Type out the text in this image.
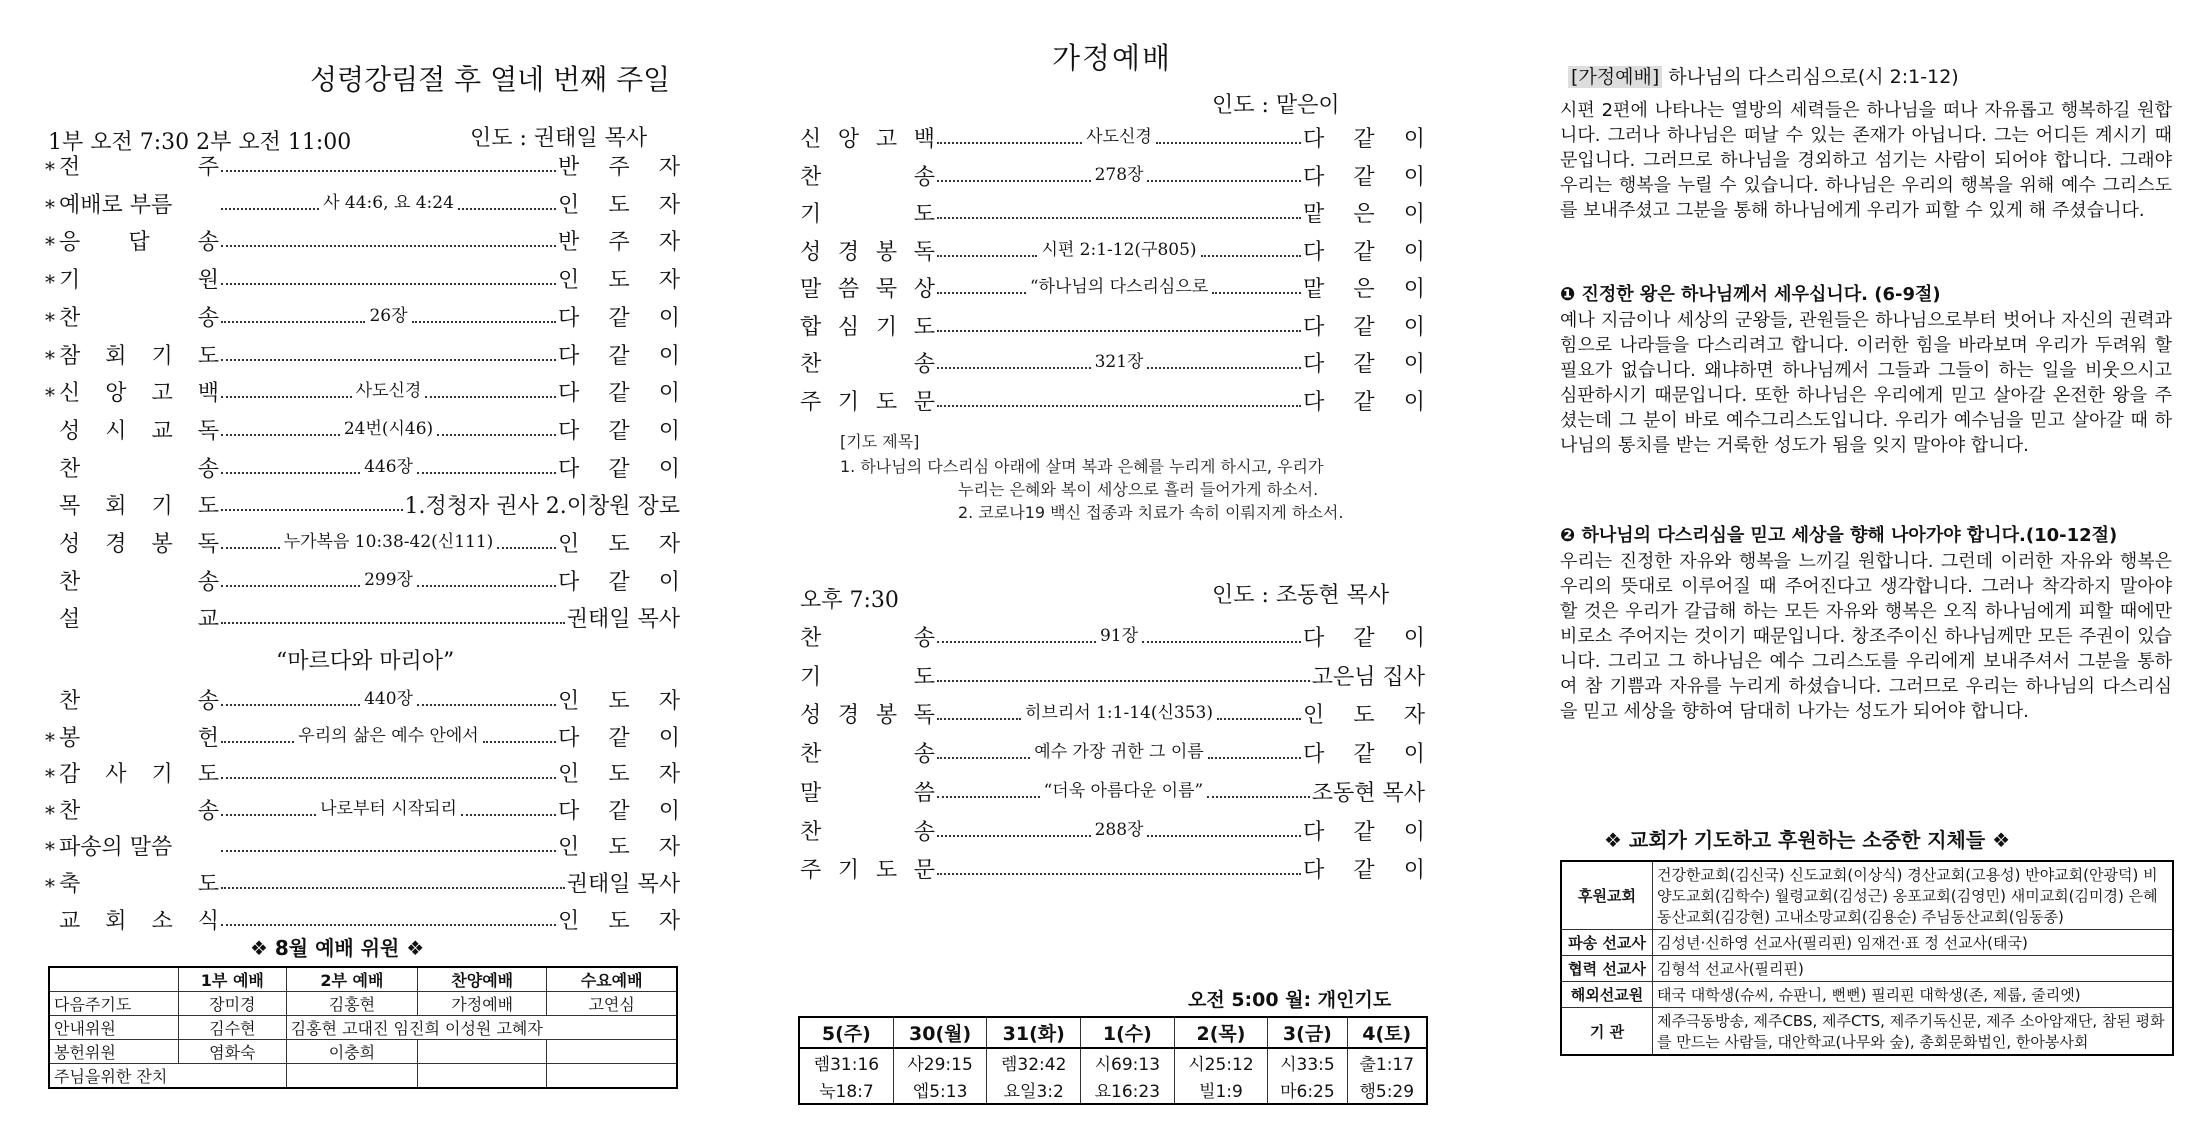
성령강림절 후 열네 번째 주일
1부 오전 7:30 2부 오전 11:00	인도 : 권태일 목사
* 전	주	반 주 자
* 예배로 부름	사 44:6, 요 4:24	인 도 자
* 응 답 송	반 주 자
* 기	원	인 도 자
* 찬	송	26장	다 같 이
* 참 회 기 도	다 같 이
* 신 앙 고 백	사도신경	다 같 이
성 시 교 독	24번(시46)	다 같 이
찬	송	446장	다 같 이
목 회 기 도	1.정청자 권사 2.이창원 장로
성 경 봉 독	누가복음 10:38-42(신111)	인 도 자
찬	송	299장	다 같 이
설	교	권태일 목사
“마르다와 마리아”
찬	송	440장	인 도 자
* 봉	헌	우리의 삶은 예수 안에서	다 같 이
* 감 사 기 도	인 도 자
* 찬	송	나로부터 시작되리	다 같 이
* 파송의 말씀	인 도 자
* 축	도	권태일 목사
교 회 소 식	인 도 자
❖ 8월 예배 위원 ❖
	1부 예배	2부 예배	찬양예배	수요예배
다음주기도	장미경	김홍현	가정예배	고연심
안내위원	김수현	김홍현 고대진 임진희 이성원 고혜자		
봉헌위원	염화숙	이충희		
주님을위한 잔치				
가정예배
인도 : 맡은이
신 앙 고 백	사도신경	다 같 이
찬	송	278장	다 같 이
기	도	맡 은 이
성 경 봉 독	시편 2:1-12(구805)	다 같 이
말 씀 묵 상	“하나님의 다스리심으로	맡 은 이
합 심 기 도	다 같 이
찬	송	321장	다 같 이
주 기 도 문	다 같 이
[기도 제목]
1. 하나님의 다스리심 아래에 살며 복과 은혜를 누리게 하시고, 우리가
누리는 은혜와 복이 세상으로 흘러 들어가게 하소서.
2. 코로나19 백신 접종과 치료가 속히 이뤄지게 하소서.
오후 7:30	인도 : 조동현 목사
찬	송	91장	다 같 이
기	도	고은님 집사
성 경 봉 독	히브리서 1:1-14(신353)	인 도 자
찬	송	예수 가장 귀한 그 이름	다 같 이
말	씀	“더욱 아름다운 이름”	조동현 목사
찬	송	288장	다 같 이
주 기 도 문	다 같 이
오전 5:00 월: 개인기도
5(주)	30(월)	31(화)	1(수)	2(목)	3(금)	4(토)
렘31:16	사29:15	렘32:42	시69:13	시25:12	시33:5	출1:17
눅18:7	엡5:13	요일3:2	요16:23	빌1:9	마6:25	행5:29
[가정예배] 하나님의 다스리심으로(시 2:1-12)
시편 2편에 나타나는 열방의 세력들은 하나님을 떠나 자유롭고 행복하길 원합니다. 그러나 하나님은 떠날 수 있는 존재가 아닙니다. 그는 어디든 계시기 때문입니다. 그러므로 하나님을 경외하고 섬기는 사람이 되어야 합니다. 그래야 우리는 행복을 누릴 수 있습니다. 하나님은 우리의 행복을 위해 예수 그리스도를 보내주셨고 그분을 통해 하나님에게 우리가 피할 수 있게 해 주셨습니다.
❶ 진정한 왕은 하나님께서 세우십니다. (6-9절)
예나 지금이나 세상의 군왕들, 관원들은 하나님으로부터 벗어나 자신의 권력과 힘으로 나라들을 다스리려고 합니다. 이러한 힘을 바라보며 우리가 두려워 할 필요가 없습니다. 왜냐하면 하나님께서 그들과 그들이 하는 일을 비웃으시고 심판하시기 때문입니다. 또한 하나님은 우리에게 믿고 살아갈 온전한 왕을 주셨는데 그 분이 바로 예수그리스도입니다. 우리가 예수님을 믿고 살아갈 때 하나님의 통치를 받는 거룩한 성도가 됨을 잊지 말아야 합니다.
❷ 하나님의 다스리심을 믿고 세상을 향해 나아가야 합니다.(10-12절)
우리는 진정한 자유와 행복을 느끼길 원합니다. 그런데 이러한 자유와 행복은 우리의 뜻대로 이루어질 때 주어진다고 생각합니다. 그러나 착각하지 말아야 할 것은 우리가 갈급해 하는 모든 자유와 행복은 오직 하나님에게 피할 때에만 비로소 주어지는 것이기 때문입니다. 창조주이신 하나님께만 모든 주권이 있습니다. 그리고 그 하나님은 예수 그리스도를 우리에게 보내주셔서 그분을 통하여 참 기쁨과 자유를 누리게 하셨습니다. 그러므로 우리는 하나님의 다스리심을 믿고 세상을 향하여 담대히 나가는 성도가 되어야 합니다.
❖ 교회가 기도하고 후원하는 소중한 지체들 ❖
후원교회	건강한교회(김신국) 신도교회(이상식) 경산교회(고용성) 반야교회(안광덕) 비양도교회(김학수) 월령교회(김성근) 옹포교회(김영민) 새미교회(김미경) 은혜동산교회(김강현) 고내소망교회(김용순) 주님동산교회(임동종)
파송 선교사	김성년·신하영 선교사(필리핀) 임재건·표 정 선교사(태국)
협력 선교사	김형석 선교사(필리핀)
해외선교원	태국 대학생(슈씨, 슈판니, 뻔뻔) 필리핀 대학생(존, 제룹, 줄리엣)
기 관	제주극동방송, 제주CBS, 제주CTS, 제주기독신문, 제주 소아암재단, 참된 평화를 만드는 사람들, 대안학교(나무와 숲), 총회문화법인, 한아봉사회
